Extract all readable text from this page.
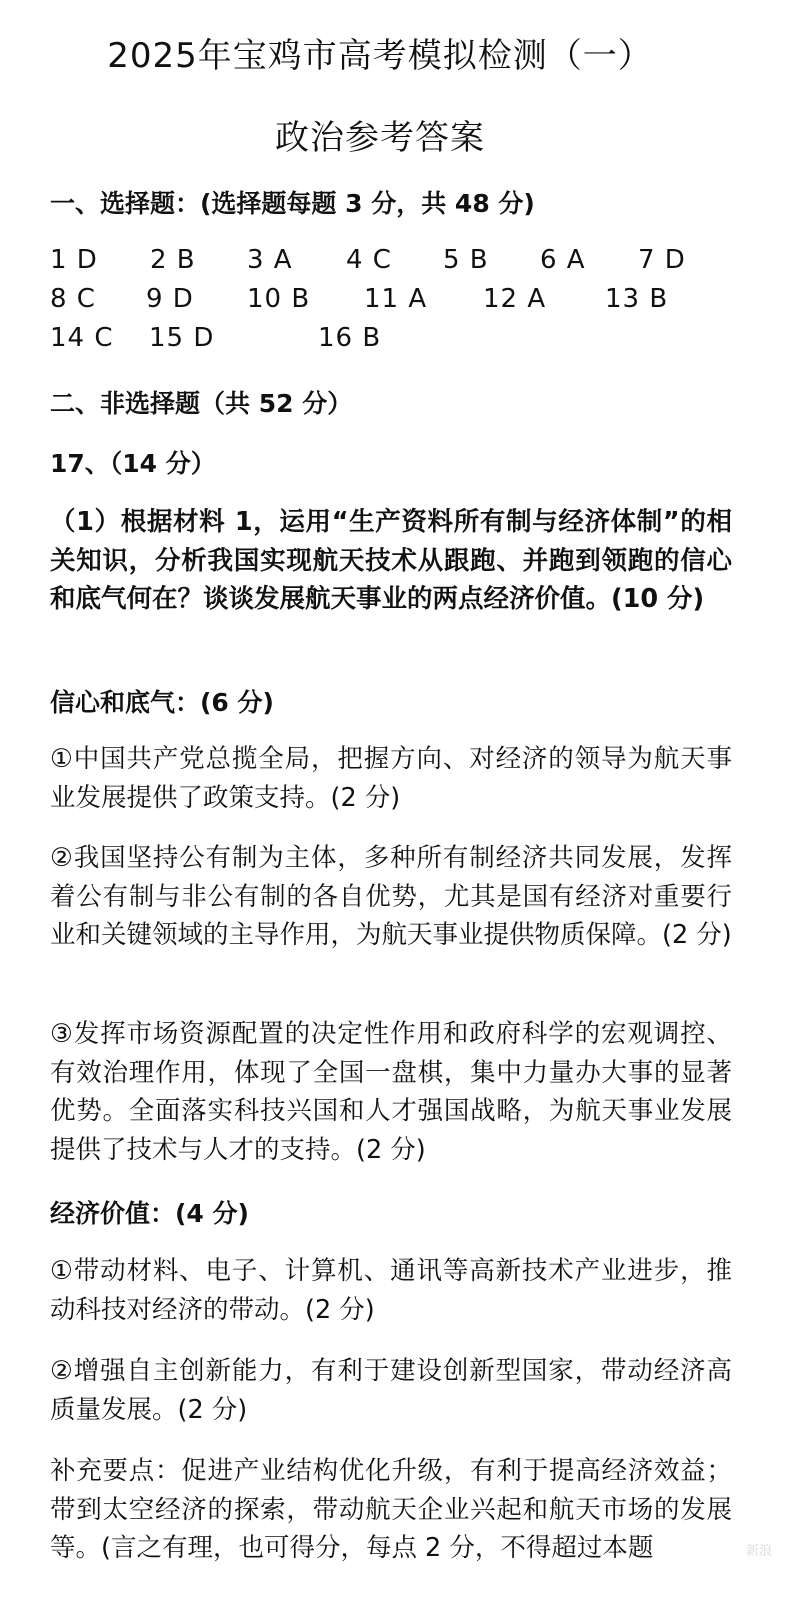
2025年宝鸡市高考模拟检测（一）
政治参考答案
一、选择题：(选择题每题 3 分，共 48 分)
1 D 2 B 3 A 4 C 5 B 6 A 7 D
8 C 9 D 10 B 11 A 12 A 13 B
14 C 15 D	16 B
二、非选择题（共 52 分）
17、（14 分）

（1）根据材料 1，运用“生产资料所有制与经济体制”的相关知识，分析我国实现航天技术从跟跑、并跑到领跑的信心和底气何在？谈谈发展航天事业的两点经济价值。(10 分)

信心和底气：(6 分)

①中国共产党总揽全局，把握方向、对经济的领导为航天事业发展提供了政策支持。(2 分)

②我国坚持公有制为主体，多种所有制经济共同发展，发挥着公有制与非公有制的各自优势，尤其是国有经济对重要行业和关键领域的主导作用，为航天事业提供物质保障。(2 分)

③发挥市场资源配置的决定性作用和政府科学的宏观调控、有效治理作用，体现了全国一盘棋，集中力量办大事的显著优势。全面落实科技兴国和人才强国战略，为航天事业发展提供了技术与人才的支持。(2 分)

经济价值：(4 分)

①带动材料、电子、计算机、通讯等高新技术产业进步，推动科技对经济的带动。(2 分)

②增强自主创新能力，有利于建设创新型国家，带动经济高质量发展。(2 分)

补充要点：促进产业结构优化升级，有利于提高经济效益；带到太空经济的探索，带动航天企业兴起和航天市场的发展等。(言之有理，也可得分，每点 2 分，不得超过本题	新浪
